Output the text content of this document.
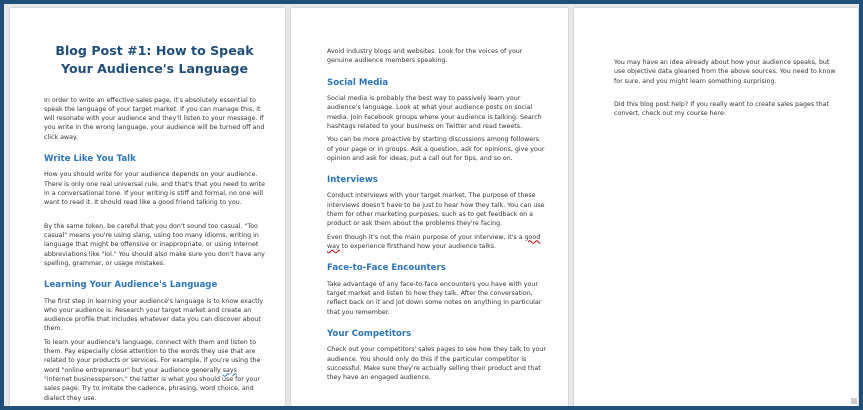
Blog Post #1: How to Speak Your Audience's Language

In order to write an effective sales page, it's absolutely essential to speak the language of your target market. If you can manage this, it will resonate with your audience and they'll listen to your message. If you write in the wrong language, your audience will be turned off and click away.

Write Like You Talk

How you should write for your audience depends on your audience. There is only one real universal rule, and that's that you need to write in a conversational tone. If your writing is stiff and formal, no one will want to read it. It should read like a good friend talking to you.

By the same token, be careful that you don't sound too casual. "Too casual" means you're using slang, using too many idioms, writing in language that might be offensive or inappropriate, or using Internet abbreviations like "lol." You should also make sure you don't have any spelling, grammar, or usage mistakes.

Learning Your Audience's Language

The first step in learning your audience's language is to know exactly who your audience is. Research your target market and create an audience profile that includes whatever data you can discover about them.

To learn your audience's language, connect with them and listen to them. Pay especially close attention to the words they use that are related to your products or services. For example, if you're using the word "online entrepreneur" but your audience generally says "internet businessperson," the latter is what you should use for your sales page. Try to imitate the cadence, phrasing, word choice, and dialect they use.

Avoid industry blogs and websites. Look for the voices of your genuine audience members speaking.

Social Media

Social media is probably the best way to passively learn your audience's language. Look at what your audience posts on social media. Join Facebook groups where your audience is talking. Search hashtags related to your business on Twitter and read tweets.

You can be more proactive by starting discussions among followers of your page or in groups. Ask a question, ask for opinions, give your opinion and ask for ideas, put a call out for tips, and so on.

Interviews

Conduct interviews with your target market. The purpose of these interviews doesn't have to be just to hear how they talk. You can use them for other marketing purposes, such as to get feedback on a product or ask them about the problems they're facing.

Even though it's not the main purpose of your interview, it's a good way to experience firsthand how your audience talks.

Face-to-Face Encounters

Take advantage of any face-to-face encounters you have with your target market and listen to how they talk. After the conversation, reflect back on it and jot down some notes on anything in particular that you remember.

Your Competitors

Check out your competitors' sales pages to see how they talk to your audience. You should only do this if the particular competitor is successful. Make sure they're actually selling their product and that they have an engaged audience.

You may have an idea already about how your audience speaks, but use objective data gleaned from the above sources. You need to know for sure, and you might learn something surprising.

Did this blog post help? If you really want to create sales pages that convert, check out my course here:
